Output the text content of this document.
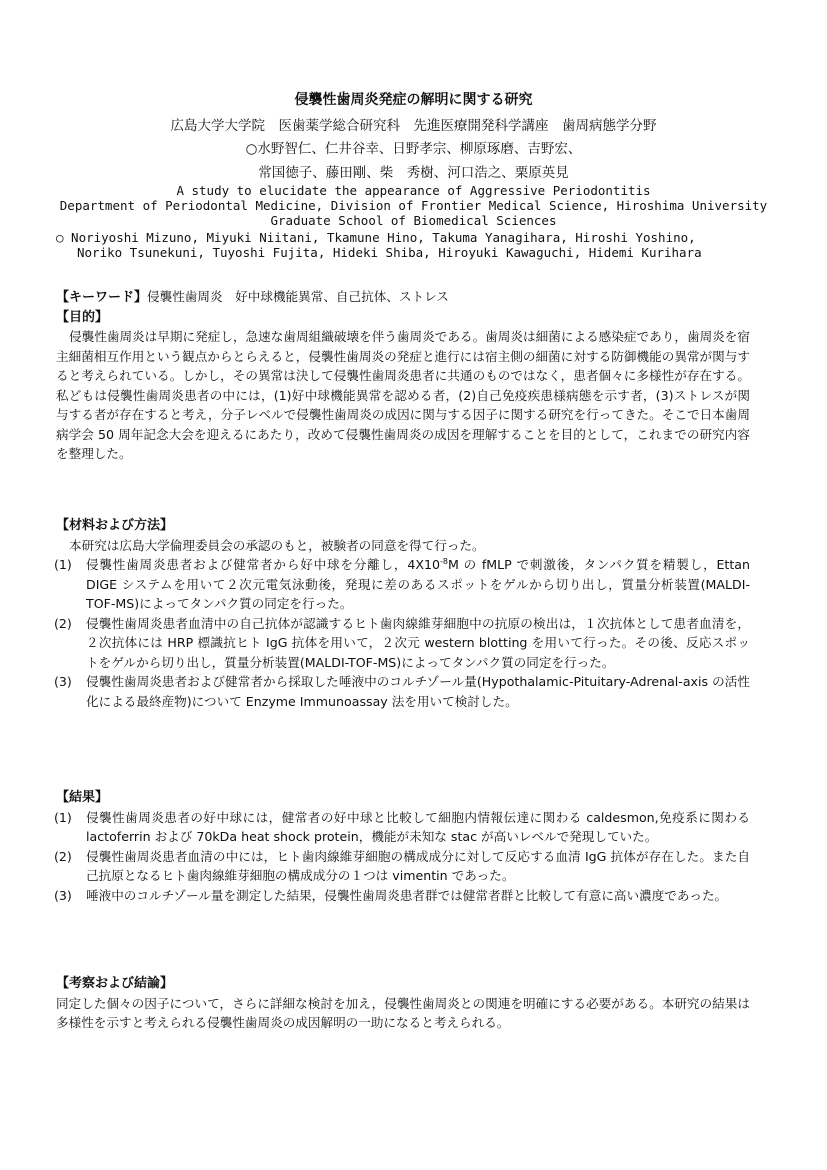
侵襲性歯周炎発症の解明に関する研究
広島大学大学院　医歯薬学総合研究科　先進医療開発科学講座　歯周病態学分野
○水野智仁、仁井谷幸、日野孝宗、柳原琢磨、吉野宏、
常国徳子、藤田剛、柴　秀樹、河口浩之、栗原英見
A study to elucidate the appearance of Aggressive Periodontitis
Department of Periodontal Medicine, Division of Frontier Medical Science, Hiroshima University
Graduate School of Biomedical Sciences
○ Noriyoshi Mizuno, Miyuki Niitani, Tkamune Hino, Takuma Yanagihara, Hiroshi Yoshino,
Noriko Tsunekuni, Tuyoshi Fujita, Hideki Shiba, Hiroyuki Kawaguchi, Hidemi Kurihara

【キーワード】侵襲性歯周炎　好中球機能異常、自己抗体、ストレス

【目的】

侵襲性歯周炎は早期に発症し，急速な歯周組織破壊を伴う歯周炎である。歯周炎は細菌による感染症であり，歯周炎を宿主細菌相互作用という観点からとらえると，侵襲性歯周炎の発症と進行には宿主側の細菌に対する防御機能の異常が関与すると考えられている。しかし，その異常は決して侵襲性歯周炎患者に共通のものではなく，患者個々に多様性が存在する。私どもは侵襲性歯周炎患者の中には，(1)好中球機能異常を認める者，(2)自己免疫疾患様病態を示す者，(3)ストレスが関与する者が存在すると考え，分子レベルで侵襲性歯周炎の成因に関与する因子に関する研究を行ってきた。そこで日本歯周病学会 50 周年記念大会を迎えるにあたり，改めて侵襲性歯周炎の成因を理解することを目的として，これまでの研究内容を整理した。

【材料および方法】

本研究は広島大学倫理委員会の承認のもと，被験者の同意を得て行った。

(1) 侵襲性歯周炎患者および健常者から好中球を分離し，$4X10^{-8}M$ の fMLP で刺激後，タンパク質を精製し，Ettan DIGE システムを用いて２次元電気泳動後，発現に差のあるスポットをゲルから切り出し，質量分析装置(MALDI-TOF-MS)によってタンパク質の同定を行った。
(2) 侵襲性歯周炎患者血清中の自己抗体が認識するヒト歯肉線維芽細胞中の抗原の検出は，１次抗体として患者血清を，２次抗体には HRP 標識抗ヒト IgG 抗体を用いて，２次元 western blotting を用いて行った。その後、反応スポットをゲルから切り出し，質量分析装置(MALDI-TOF-MS)によってタンパク質の同定を行った。
(3) 侵襲性歯周炎患者および健常者から採取した唾液中のコルチゾール量(Hypothalamic-Pituitary-Adrenal-axis の活性化による最終産物)について Enzyme Immunoassay 法を用いて検討した。

【結果】

(1) 侵襲性歯周炎患者の好中球には，健常者の好中球と比較して細胞内情報伝達に関わる caldesmon,免疫系に関わる lactoferrin および 70kDa heat shock protein，機能が未知な stac が高いレベルで発現していた。
(2) 侵襲性歯周炎患者血清の中には，ヒト歯肉線維芽細胞の構成成分に対して反応する血清 IgG 抗体が存在した。また自己抗原となるヒト歯肉線維芽細胞の構成成分の１つは vimentin であった。
(3) 唾液中のコルチゾール量を測定した結果，侵襲性歯周炎患者群では健常者群と比較して有意に高い濃度であった。

【考察および結論】

同定した個々の因子について，さらに詳細な検討を加え，侵襲性歯周炎との関連を明確にする必要がある。本研究の結果は多様性を示すと考えられる侵襲性歯周炎の成因解明の一助になると考えられる。
